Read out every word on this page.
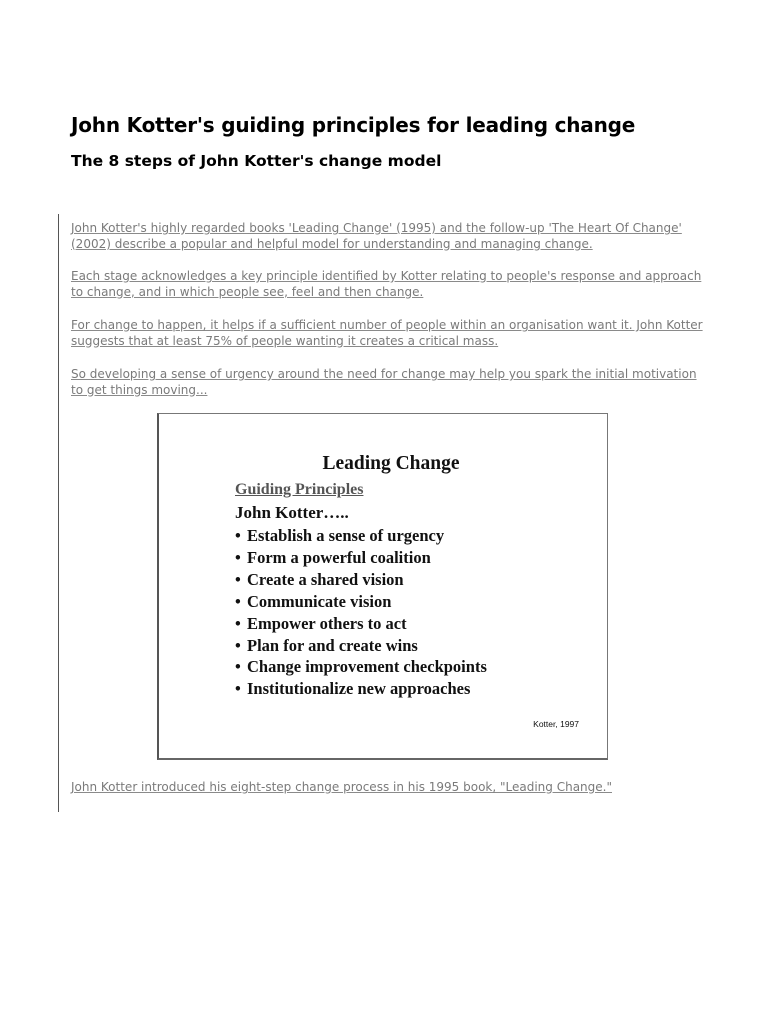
John Kotter's guiding principles for leading change
The 8 steps of John Kotter's change model

John Kotter's highly regarded books 'Leading Change' (1995) and the follow-up 'The Heart Of Change' (2002) describe a popular and helpful model for understanding and managing change.

Each stage acknowledges a key principle identified by Kotter relating to people's response and approach to change, and in which people see, feel and then change.

For change to happen, it helps if a sufficient number of people within an organisation want it. John Kotter suggests that at least 75% of people wanting it creates a critical mass.

So developing a sense of urgency around the need for change may help you spark the initial motivation to get things moving...

Leading Change

Guiding Principles

John Kotter…..

• Establish a sense of urgency
• Form a powerful coalition
• Create a shared vision
• Communicate vision
• Empower others to act
• Plan for and create wins
• Change improvement checkpoints
• Institutionalize new approaches

Kotter, 1997

John Kotter introduced his eight-step change process in his 1995 book, "Leading Change."
